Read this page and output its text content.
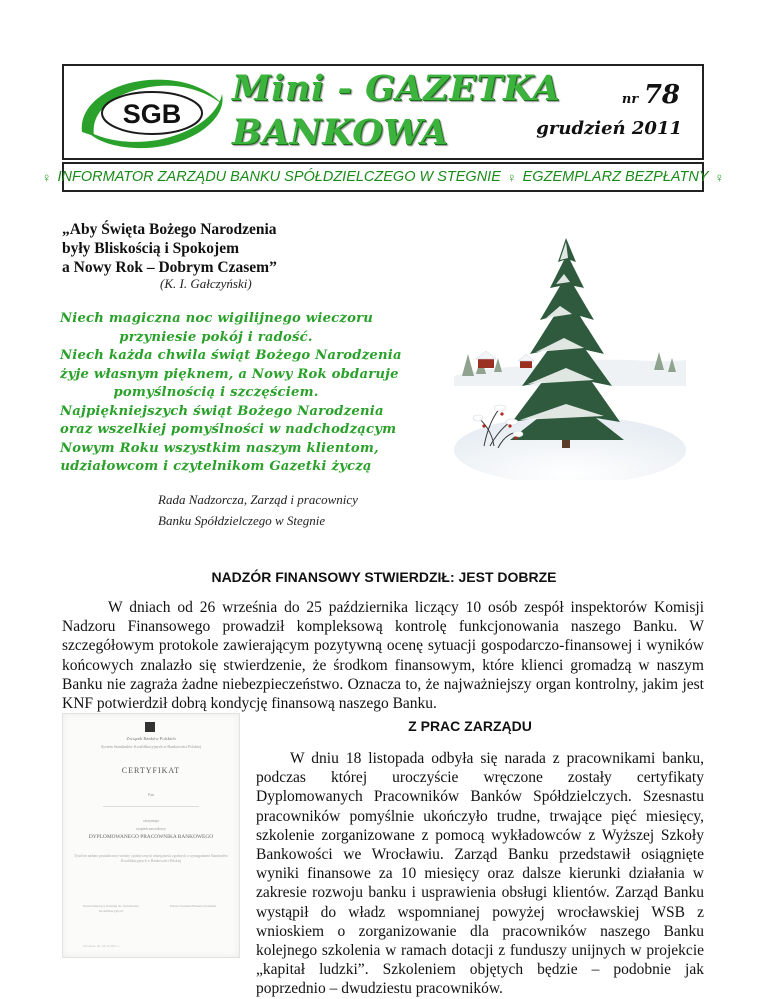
SGB
Mini - GAZETKA
BANKOWA
nr 78
grudzień 2011
♀ INFORMATOR ZARZĄDU BANKU SPÓŁDZIELCZEGO W STEGNIE ♀ EGZEMPLARZ BEZPŁATNY ♀
„Aby Święta Bożego Narodzenia
były Bliskością i Spokojem
a Nowy Rok – Dobrym Czasem”
(K. I. Gałczyński)
Niech magiczna noc wigilijnego wieczoru
przyniesie pokój i radość.
Niech każda chwila świąt Bożego Narodzenia
żyje własnym pięknem, a Nowy Rok obdaruje
pomyślnością i szczęściem.
Najpiękniejszych świąt Bożego Narodzenia
oraz wszelkiej pomyślności w nadchodzącym
Nowym Roku wszystkim naszym klientom,
udziałowcom i czytelnikom Gazetki życzą
Rada Nadzorcza, Zarząd i pracownicy
Banku Spółdzielczego w Stegnie
NADZÓR FINANSOWY STWIERDZIŁ: JEST DOBRZE
W dniach od 26 września do 25 października liczący 10 osób zespół inspektorów Komisji Nadzoru Finansowego prowadził kompleksową kontrolę funkcjonowania naszego Banku. W szczegółowym protokole zawierającym pozytywną ocenę sytuacji gospodarczo-finansowej i wyników końcowych znalazło się stwierdzenie, że środkom finansowym, które klienci gromadzą w naszym Banku nie zagraża żadne niebezpieczeństwo. Oznacza to, że najważniejszy organ kontrolny, jakim jest KNF potwierdził dobrą kondycję finansową naszego Banku.
Związek Banków Polskich
System Standardów Kwalifikacyjnych w Bankowości Polskiej
CERTYFIKAT
Pan
otrzymuje
stopień zawodowy
DYPLOMOWANEGO PRACOWNIKA BANKOWEGO
Tytuł ten nadano posiadaczowi wiedzy i praktycznych umiejętności zgodnych z wymaganiami Standardów Kwalifikacyjnych w Bankowości Polskiej
Przewodniczący Komisji ds. Standardów Kwalifikacyjnych
Prezes Związku Banków Polskich
Wrocław, dn. 18.11.2011 r.
Z PRAC ZARZĄDU
W dniu 18 listopada odbyła się narada z pracownikami banku, podczas której uroczyście wręczone zostały certyfikaty Dyplomowanych Pracowników Banków Spółdzielczych. Szesnastu pracowników pomyślnie ukończyło trudne, trwające pięć miesięcy, szkolenie zorganizowane z pomocą wykładowców z Wyższej Szkoły Bankowości we Wrocławiu. Zarząd Banku przedstawił osiągnięte wyniki finansowe za 10 miesięcy oraz dalsze kierunki działania w zakresie rozwoju banku i usprawienia obsługi klientów. Zarząd Banku wystąpił do władz wspomnianej powyżej wrocławskiej WSB z wnioskiem o zorganizowanie dla pracowników naszego Banku kolejnego szkolenia w ramach dotacji z funduszy unijnych w projekcie „kapitał ludzki”. Szkoleniem objętych będzie – podobnie jak poprzednio – dwudziestu pracowników.
